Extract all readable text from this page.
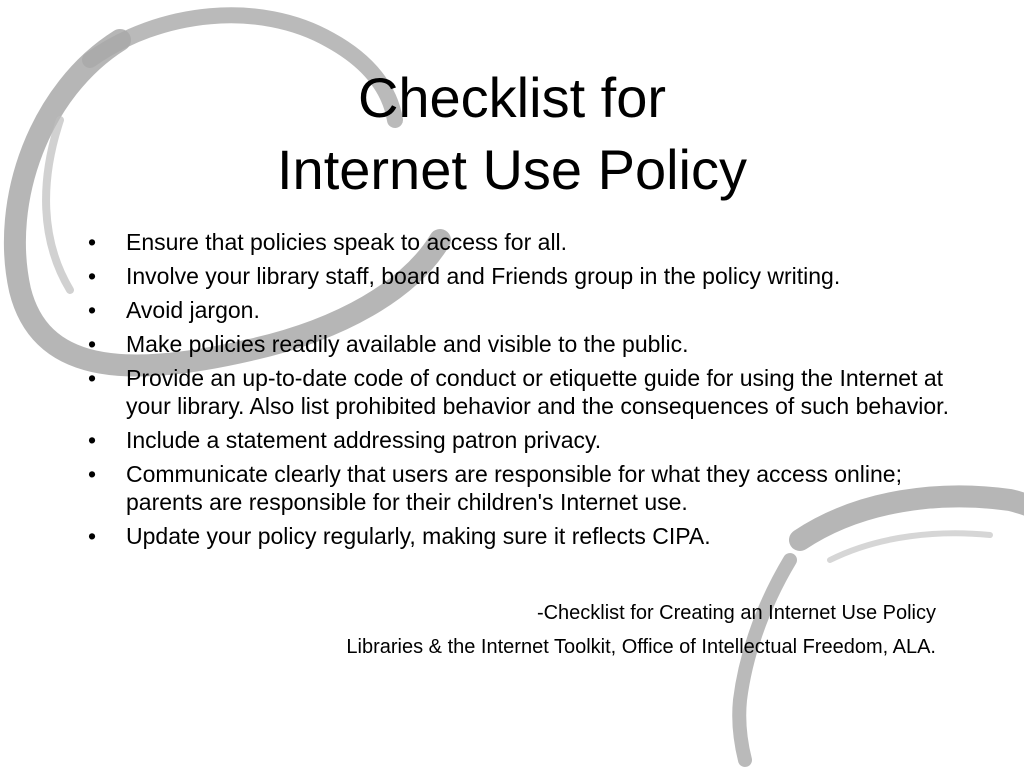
Checklist for
Internet Use Policy
• Ensure that policies speak to access for all.
• Involve your library staff, board and Friends group in the policy writing.
• Avoid jargon.
• Make policies readily available and visible to the public.
• Provide an up-to-date code of conduct or etiquette guide for using the Internet at your library. Also list prohibited behavior and the consequences of such behavior.
• Include a statement addressing patron privacy.
• Communicate clearly that users are responsible for what they access online; parents are responsible for their children's Internet use.
• Update your policy regularly, making sure it reflects CIPA.
-Checklist for Creating an Internet Use Policy
Libraries & the Internet Toolkit, Office of Intellectual Freedom, ALA.
